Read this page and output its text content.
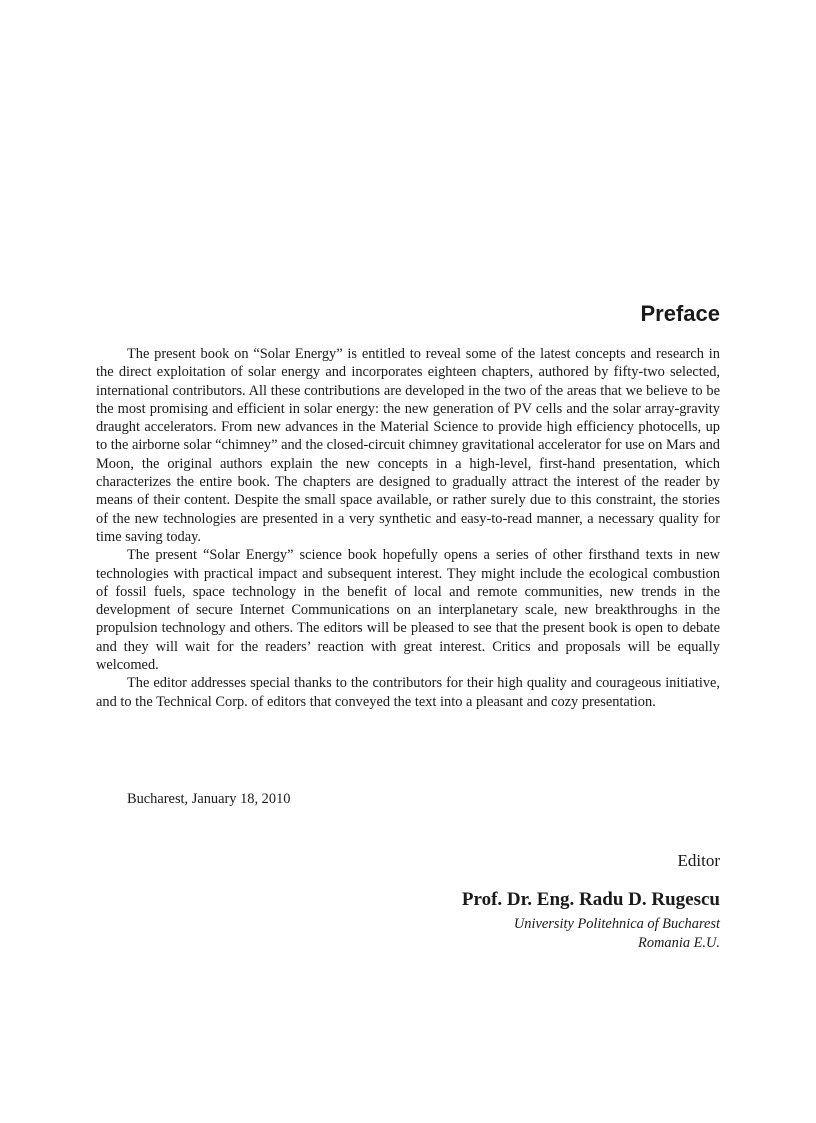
Preface

The present book on “Solar Energy” is entitled to reveal some of the latest concepts and research in the direct exploitation of solar energy and incorporates eighteen chapters, authored by fifty-two selected, international contributors. All these contributions are developed in the two of the areas that we believe to be the most promising and efficient in solar energy: the new generation of PV cells and the solar array-gravity draught accelerators. From new advances in the Material Science to provide high efficiency photocells, up to the airborne solar “chimney” and the closed-circuit chimney gravitational accelerator for use on Mars and Moon, the original authors explain the new concepts in a high-level, first-hand presentation, which characterizes the entire book. The chapters are designed to gradually attract the interest of the reader by means of their content. Despite the small space available, or rather surely due to this constraint, the stories of the new technologies are presented in a very synthetic and easy-to-read manner, a necessary quality for time saving today.

The present “Solar Energy” science book hopefully opens a series of other firsthand texts in new technologies with practical impact and subsequent interest. They might include the ecological combustion of fossil fuels, space technology in the benefit of local and remote communities, new trends in the development of secure Internet Communications on an interplanetary scale, new breakthroughs in the propulsion technology and others. The editors will be pleased to see that the present book is open to debate and they will wait for the readers’ reaction with great interest. Critics and proposals will be equally welcomed.

The editor addresses special thanks to the contributors for their high quality and courageous initiative, and to the Technical Corp. of editors that conveyed the text into a pleasant and cozy presentation.

Bucharest, January 18, 2010
Editor
Prof. Dr. Eng. Radu D. Rugescu
University Politehnica of Bucharest
Romania E.U.
